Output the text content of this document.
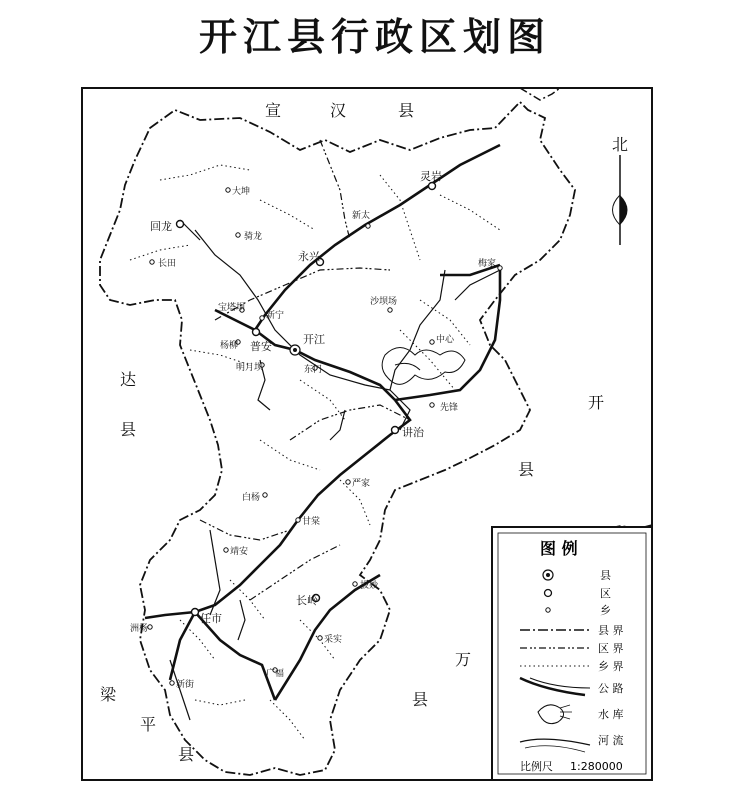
开江县行政区划图
北
宣	汉	县
达
县
开
县
梁
平
县
万
县
开江
回龙
灵岩
永兴
普安
讲治
任市
长岭
大坤
骑龙
长田
新太
梅家
沙坝场
宝塔坝
新宁
杨柳
明月坝	东门
中心
先锋
白杨
严家
甘棠
靖安
拔妙
洲杨
采实
新街
广福
图 例
县
区
乡
县 界
区 界
乡 界
公 路
水 库
河 流
比例尺 1:280000
